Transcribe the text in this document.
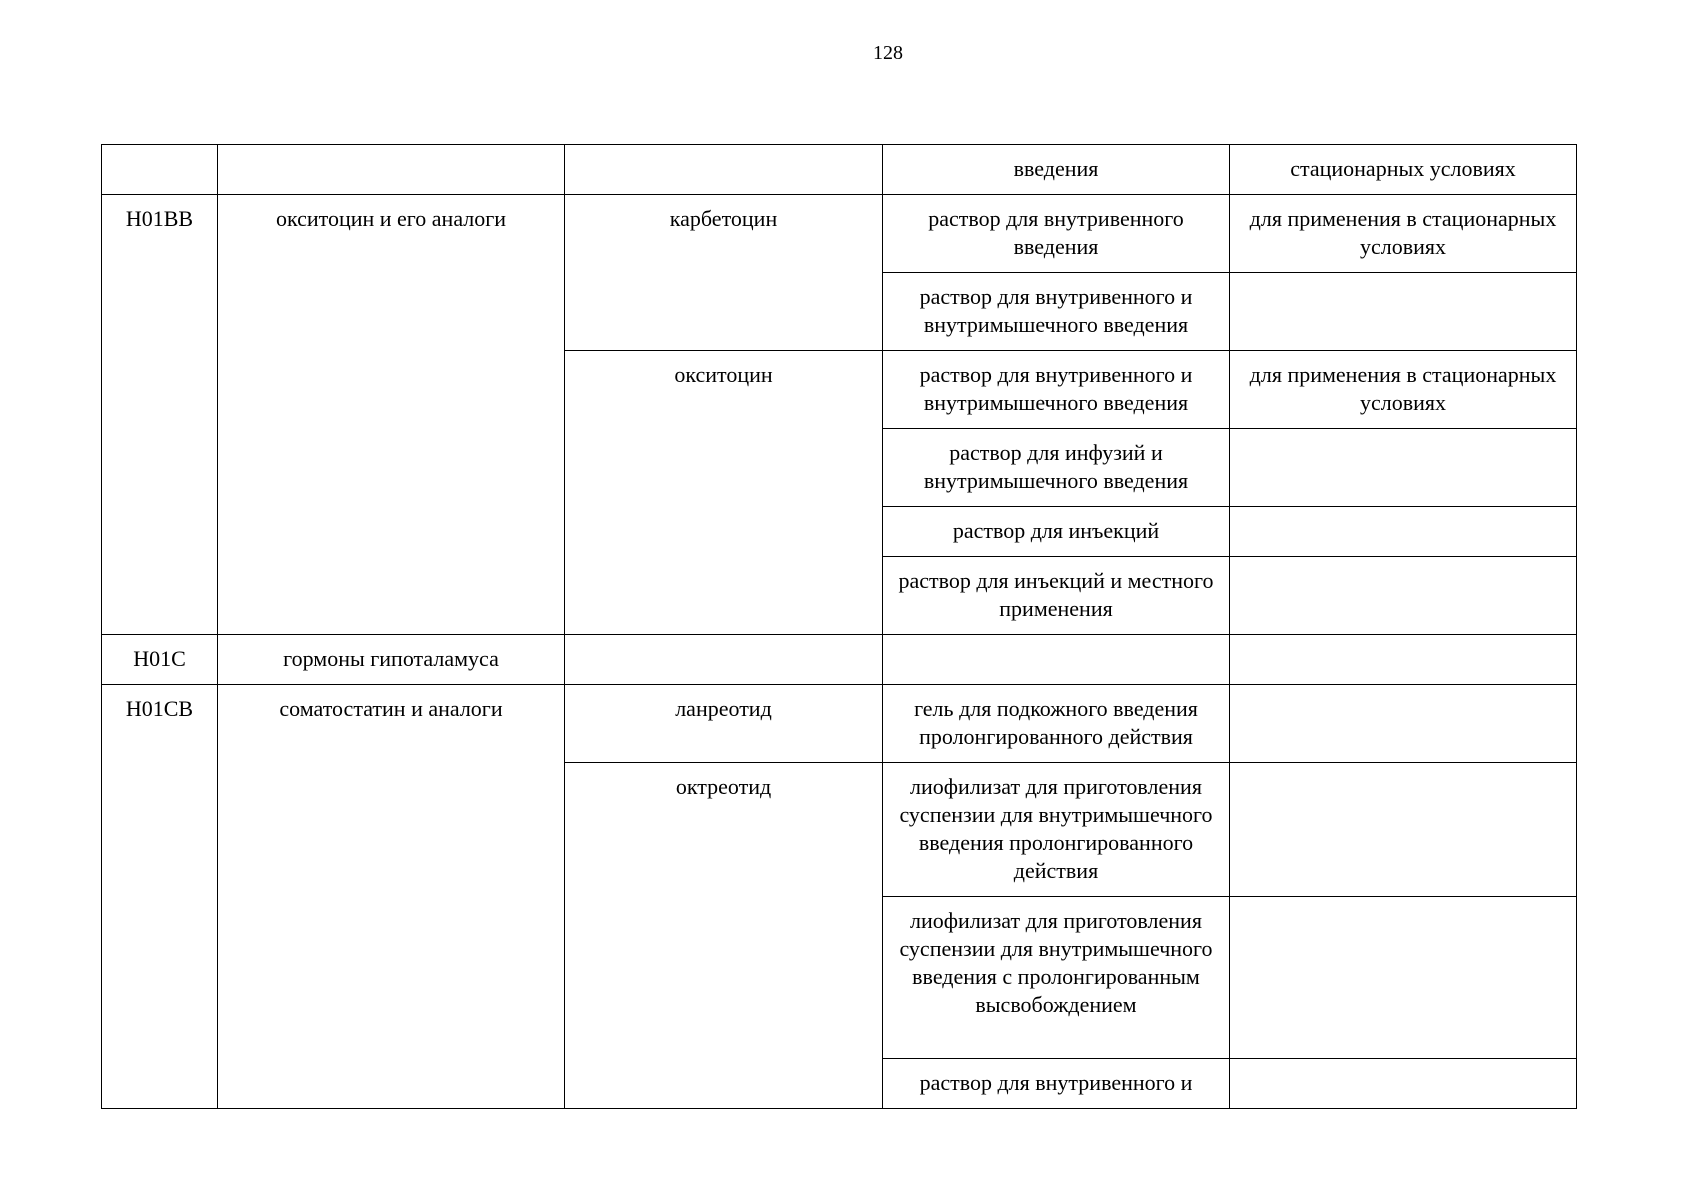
128
			введения	стационарных условиях
H01BB	окситоцин и его аналоги	карбетоцин	раствор для внутривенного введения	для применения в стационарных условиях
			раствор для внутривенного и внутримышечного введения	
		окситоцин	раствор для внутривенного и внутримышечного введения	для применения в стационарных условиях
			раствор для инфузий и внутримышечного введения	
			раствор для инъекций	
			раствор для инъекций и местного применения	
H01C	гормоны гипоталамуса			
H01CB	соматостатин и аналоги	ланреотид	гель для подкожного введения пролонгированного действия	
		октреотид	лиофилизат для приготовления суспензии для внутримышечного введения пролонгированного действия	
			лиофилизат для приготовления суспензии для внутримышечного введения с пролонгированным высвобождением	
			раствор для внутривенного и	
